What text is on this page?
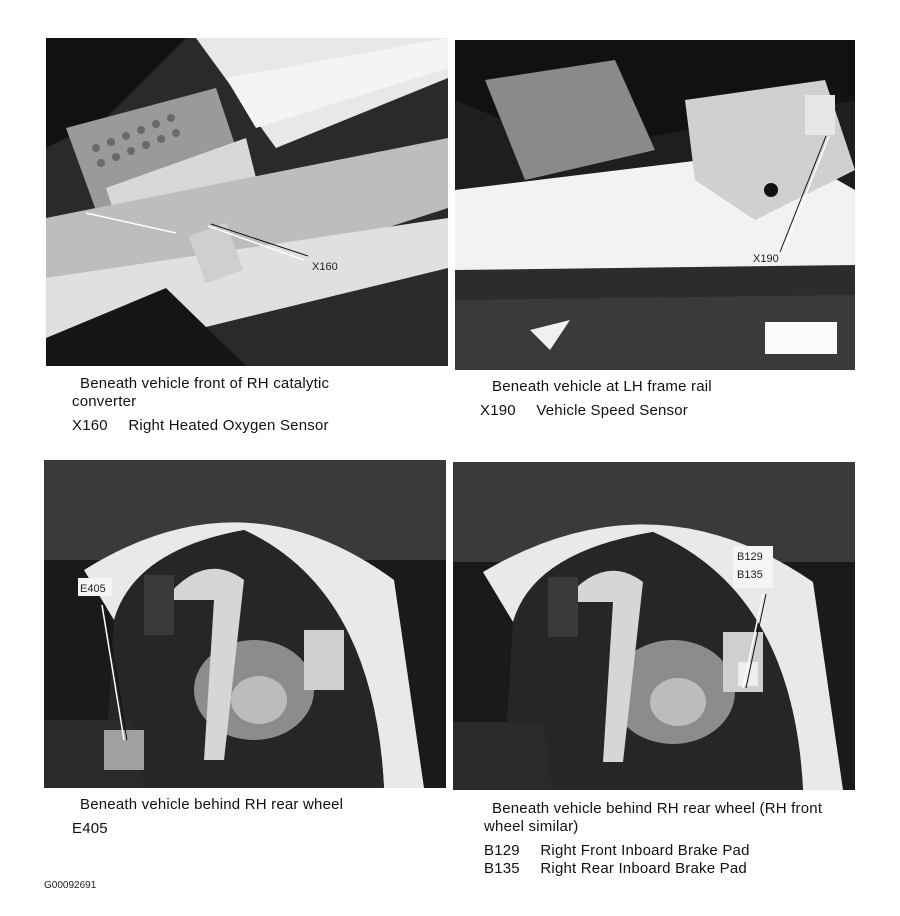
X160
Beneath vehicle front of RH catalytic converter
X160 Right Heated Oxygen Sensor
X190
Beneath vehicle at LH frame rail
X190 Vehicle Speed Sensor
E405
Beneath vehicle behind RH rear wheel
E405
B129
B135
Beneath vehicle behind RH rear wheel (RH front wheel similar)
B129 Right Front Inboard Brake Pad
B135 Right Rear Inboard Brake Pad
G00092691
